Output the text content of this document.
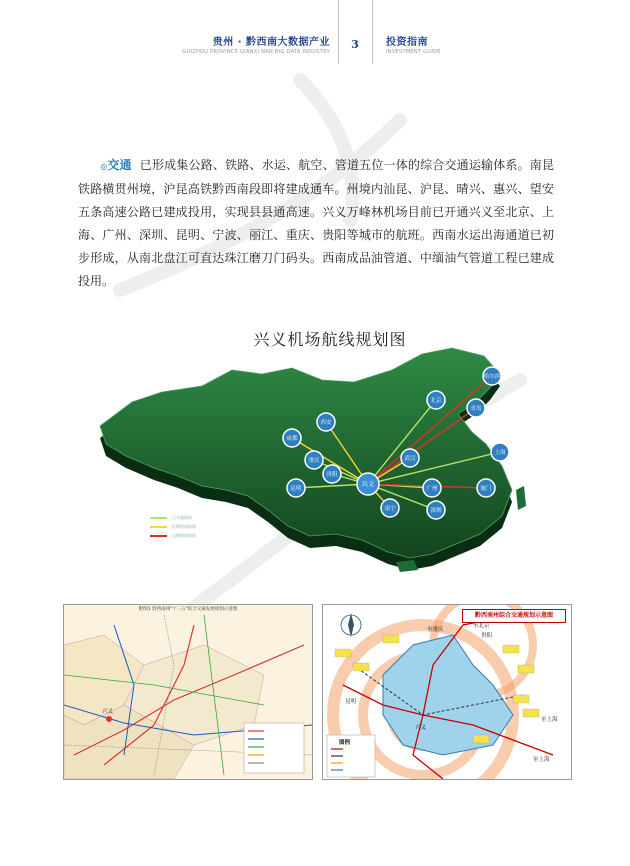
贵州 · 黔西南大数据产业
GUIZHOU PROVINCE QIANXI NAN BIG DATA INDUSTRY
3	投资指南
INVESTMENT GUIDE
◎交通 已形成集公路、铁路、水运、航空、管道五位一体的综合交通运输体系。南昆铁路横贯州境，沪昆高铁黔西南段即将建成通车。州境内汕昆、沪昆、晴兴、惠兴、望安五条高速公路已建成投用，实现县县通高速。兴义万峰林机场目前已开通兴义至北京、上海、广州、深圳、昆明、宁波、丽江、重庆、贵阳等城市的航班。西南水运出海通道已初步形成，从南北盘江可直达珠江磨刀门码头。西南成品油管道、中缅油气管道工程已建成投用。
兴义机场航线规划图
兴义
哈尔滨
北京
青岛
西安
成都
重庆
贵阳
武汉
上海
昆明	广州	厦门
南宁	深圳
已开通航线
近期规划航线
远期规划航线
附图1 黔西南州"十三五"综合交通发展规划示意图
兴义
黔西南州综合交通规划示意图
至重庆
至北京
贵阳
昆明
兴义
至上海
至上海
图例
